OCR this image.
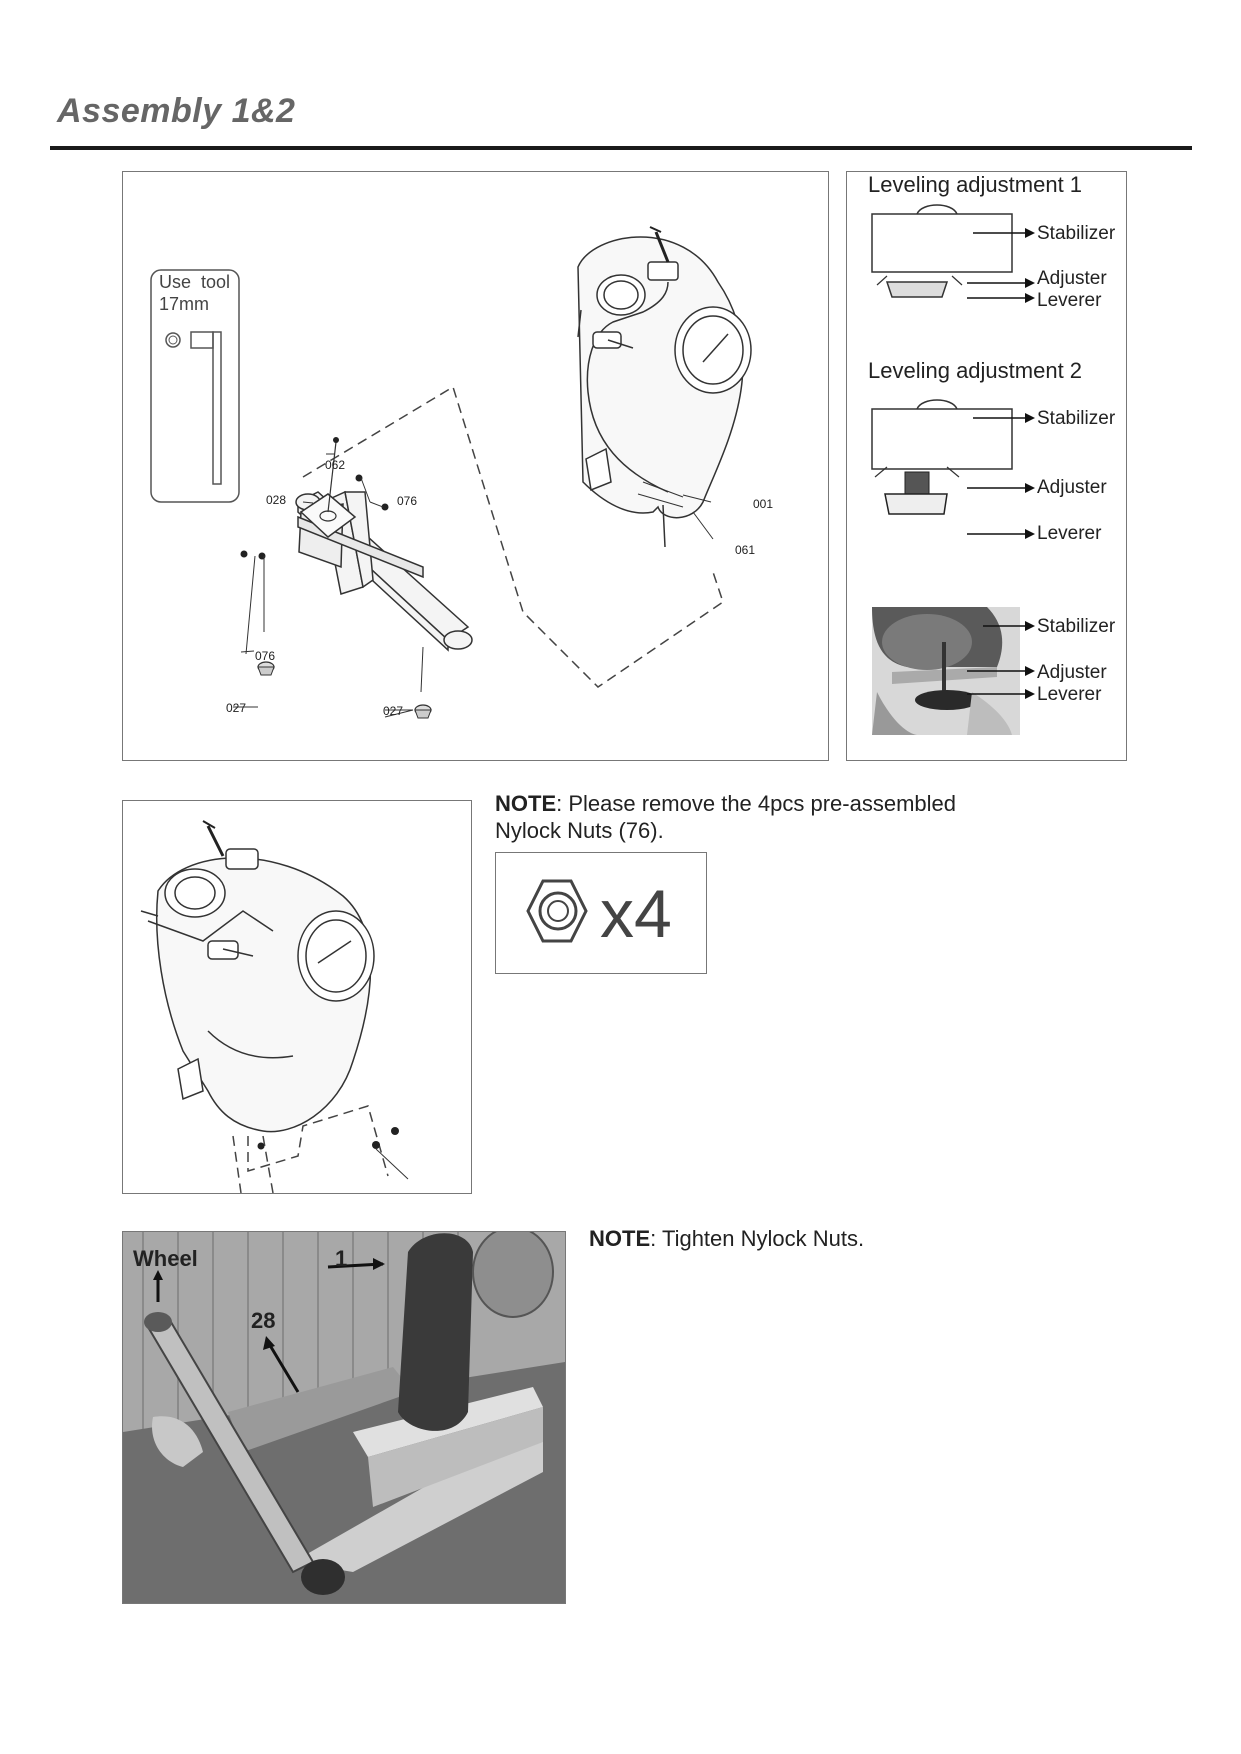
Assembly 1&2
Use  tool
17mm
062
028	076
076
001
061
027	027
Leveling adjustment 1
Stabilizer
Adjuster
Leverer
Leveling adjustment 2
Stabilizer
Adjuster
Leverer
Stabilizer
Adjuster
Leverer
NOTE: Please remove the 4pcs pre-assembled
Nylock Nuts (76).
x4
Wheel	1
28
NOTE: Tighten Nylock Nuts.
